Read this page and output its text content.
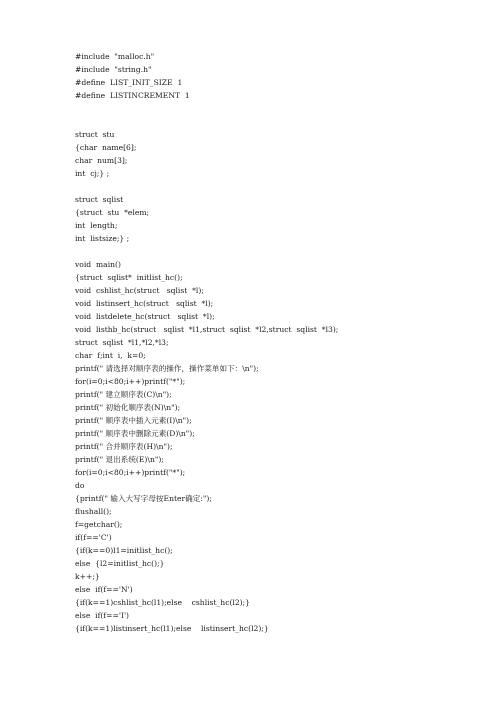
#include  "malloc.h"

#include  "string.h"

#define  LIST_INIT_SIZE  1

#define  LISTINCREMENT  1

struct  stu

{char  name[6];

char  num[3];

int  cj;} ;

struct  sqlist

{struct  stu  *elem;

int  length;

int  listsize;} ;

void  main()

{struct  sqlist*  initlist_hc();

void  cshlist_hc(struct   sqlist  *l);

void  listinsert_hc(struct   sqlist  *l);

void  listdelete_hc(struct   sqlist  *l);

void  listhb_hc(struct   sqlist  *l1,struct  sqlist  *l2,struct  sqlist  *l3);

struct  sqlist  *l1,*l2,*l3;

char  f;int  i,  k=0;

printf(" 请选择对顺序表的操作，操作菜单如下：\n");

for(i=0;i<80;i++)printf("*");

printf(" 建立顺序表(C)\n");

printf(" 初始化顺序表(N)\n");

printf(" 顺序表中插入元素(I)\n");

printf(" 顺序表中删除元素(D)\n");

printf(" 合并顺序表(H)\n");

printf(" 退出系统(E)\n");

for(i=0;i<80;i++)printf("*");

do

{printf(" 输入大写字母按Enter确定:");

flushall();

f=getchar();

if(f=='C')

{if(k==0)l1=initlist_hc();

else  {l2=initlist_hc();}

k++;}

else  if(f=='N')

{if(k==1)cshlist_hc(l1);else    cshlist_hc(l2);}

else  if(f=='I')

{if(k==1)listinsert_hc(l1);else    listinsert_hc(l2);}
